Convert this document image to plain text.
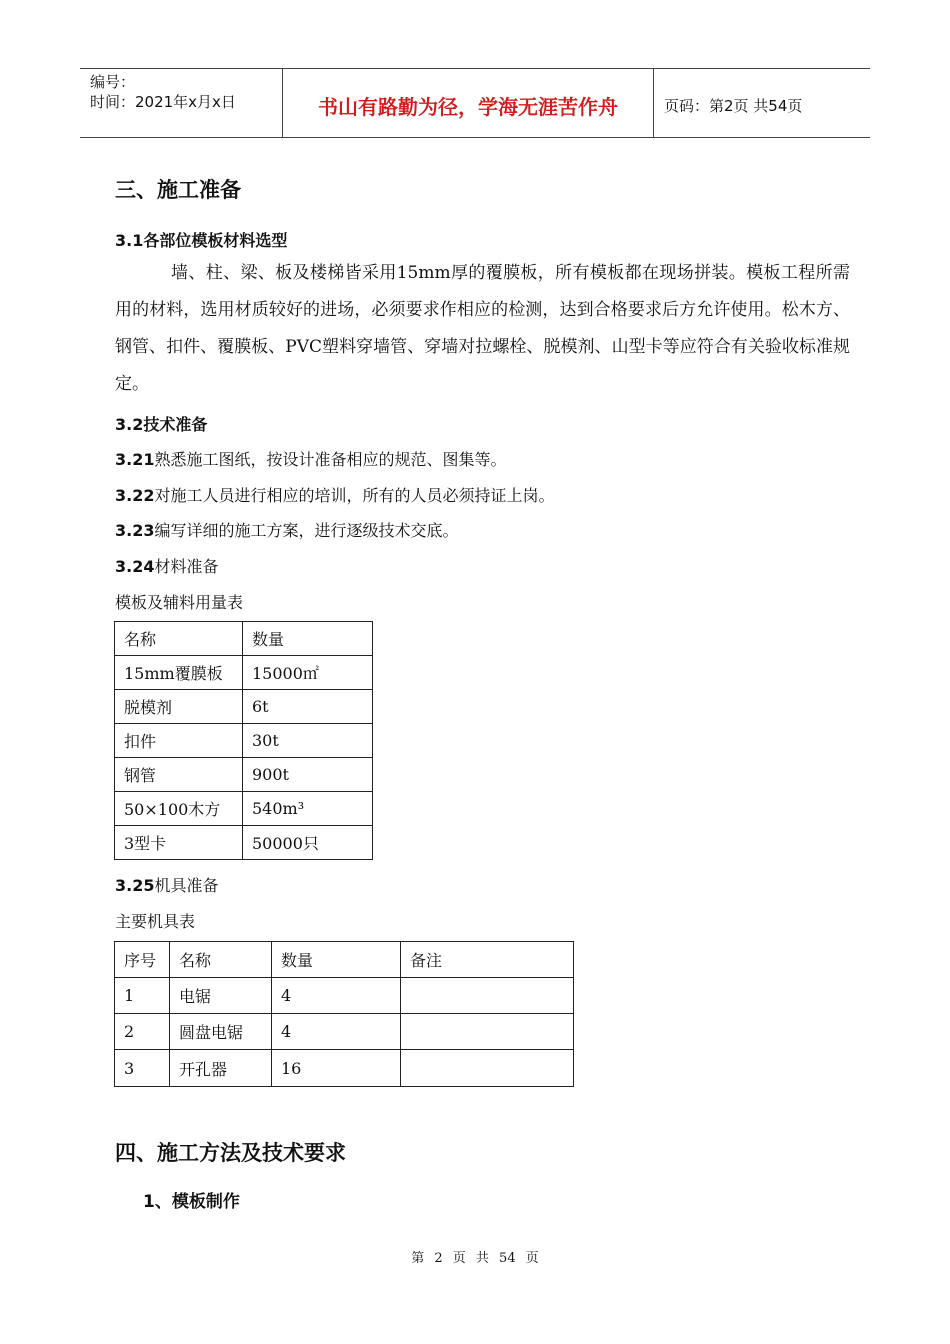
编号：
时间：2021年x月x日	书山有路勤为径，学海无涯苦作舟	页码：第2页 共54页
三、施工准备
3.1各部位模板材料选型
墙、柱、梁、板及楼梯皆采用15mm厚的覆膜板，所有模板都在现场拼装。模板工程所需用的材料，选用材质较好的进场，必须要求作相应的检测，达到合格要求后方允许使用。松木方、钢管、扣件、覆膜板、PVC塑料穿墙管、穿墙对拉螺栓、脱模剂、山型卡等应符合有关验收标准规定。
3.2技术准备
3.21熟悉施工图纸，按设计准备相应的规范、图集等。
3.22对施工人员进行相应的培训，所有的人员必须持证上岗。
3.23编写详细的施工方案，进行逐级技术交底。
3.24材料准备
模板及辅料用量表
名称	数量
15mm覆膜板	15000㎡
脱模剂	6t
扣件	30t
钢管	900t
50×100木方	540m³
3型卡	50000只
3.25机具准备
主要机具表
序号	名称	数量	备注
1	电锯	4	
2	圆盘电锯	4	
3	开孔器	16	
四、施工方法及技术要求
1、模板制作
第 2 页 共 54 页
